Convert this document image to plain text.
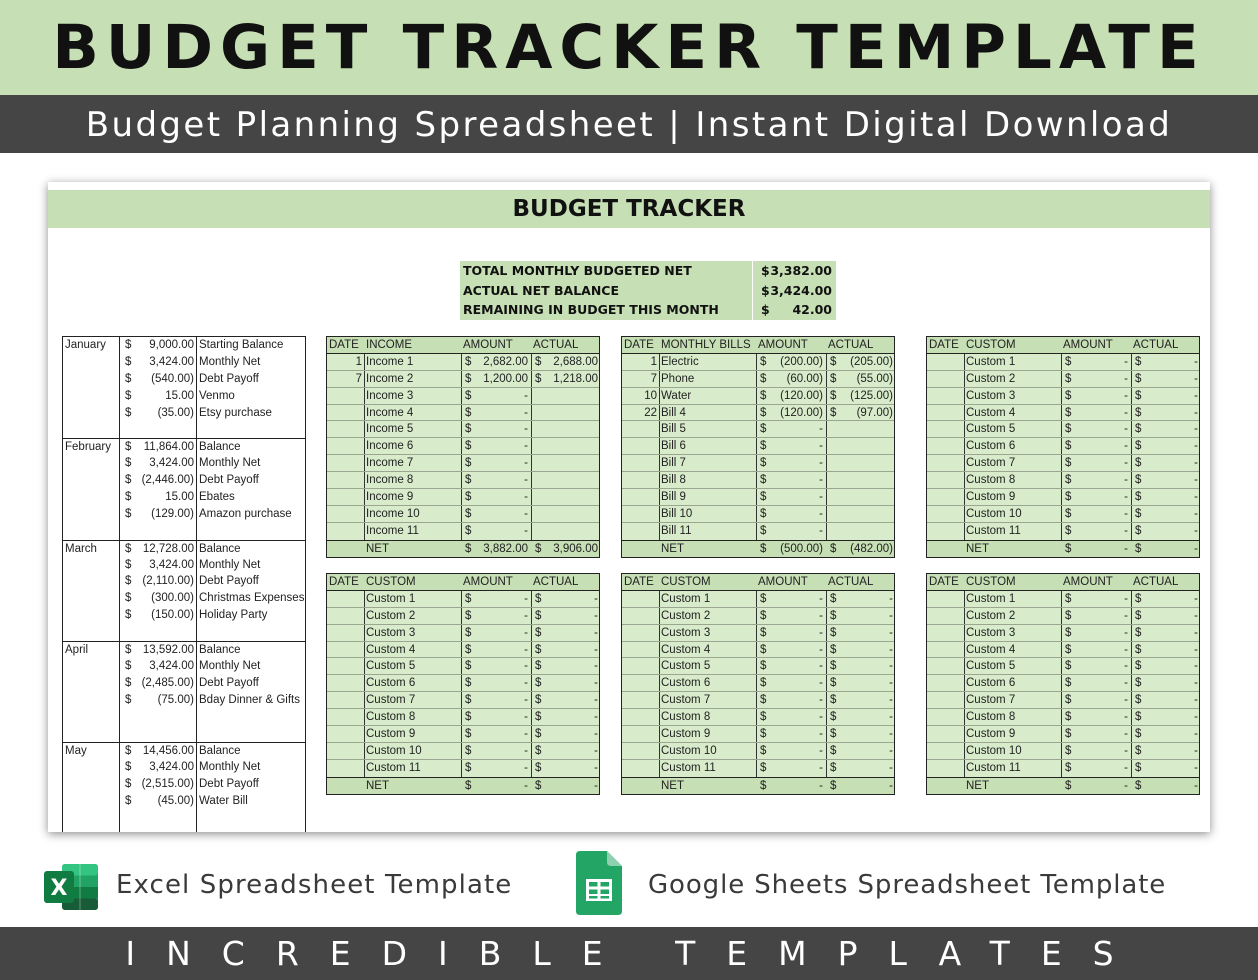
BUDGET TRACKER TEMPLATE
Budget Planning Spreadsheet | Instant Digital Download
BUDGET TRACKER
TOTAL MONTHLY BUDGETED NET	$ 3,382.00
ACTUAL NET BALANCE	$ 3,424.00
REMAINING IN BUDGET THIS MONTH	$ 42.00
January $	9,000.00 Starting Balance
$	3,424.00 Monthly Net
$	(540.00) Debt Payoff
$	15.00 Venmo
$	(35.00) Etsy purchase
February $	11,864.00 Balance
$	3,424.00 Monthly Net
$ (2,446.00) Debt Payoff
$	15.00 Ebates
$	(129.00) Amazon purchase
March $ 12,728.00 Balance
$	3,424.00 Monthly Net
$ (2,110.00) Debt Payoff
$	(300.00) Christmas Expenses
$	(150.00) Holiday Party
April	$ 13,592.00 Balance
$	3,424.00 Monthly Net
$ (2,485.00) Debt Payoff
$	(75.00) Bday Dinner & Gifts
May	$ 14,456.00 Balance
$	3,424.00 Monthly Net
$ (2,515.00) Debt Payoff
$	(45.00) Water Bill
DATE INCOME	AMOUNT ACTUAL
1 Income 1	$ 2,682.00 $ 2,688.00
7 Income 2	$ 1,200.00 $ 1,218.00
Income 3	$	-
Income 4	$	-
Income 5	$	-
Income 6	$	-
Income 7	$	-
Income 8	$	-
Income 9	$	-
Income 10	$	-
Income 11	$	-
NET	$ 3,882.00 $ 3,906.00
DATE MONTHLY BILLS AMOUNT ACTUAL
1 Electric	$ (200.00) $ (205.00)
7 Phone	$ (60.00) $ (55.00)
10 Water	$ (120.00) $ (125.00)
22 Bill 4	$ (120.00) $ (97.00)
Bill 5	$	-
Bill 6	$	-
Bill 7	$	-
Bill 8	$	-
Bill 9	$	-
Bill 10	$	-
Bill 11	$	-
NET	$ (500.00) $ (482.00)
DATE CUSTOM	AMOUNT ACTUAL
Custom 1	$	- $	-
Custom 2	$	- $	-
Custom 3	$	- $	-
Custom 4	$	- $	-
Custom 5	$	- $	-
Custom 6	$	- $	-
Custom 7	$	- $	-
Custom 8	$	- $	-
Custom 9	$	- $	-
Custom 10	$	- $	-
Custom 11	$	- $	-
NET	$	- $	-
DATE CUSTOM	AMOUNT ACTUAL
Custom 1	$	- $	-
Custom 2	$	- $	-
Custom 3	$	- $	-
Custom 4	$	- $	-
Custom 5	$	- $	-
Custom 6	$	- $	-
Custom 7	$	- $	-
Custom 8	$	- $	-
Custom 9	$	- $	-
Custom 10	$	- $	-
Custom 11	$	- $	-
NET	$	- $	-
DATE CUSTOM	AMOUNT ACTUAL
Custom 1	$	- $	-
Custom 2	$	- $	-
Custom 3	$	- $	-
Custom 4	$	- $	-
Custom 5	$	- $	-
Custom 6	$	- $	-
Custom 7	$	- $	-
Custom 8	$	- $	-
Custom 9	$	- $	-
Custom 10	$	- $	-
Custom 11	$	- $	-
NET	$	- $	-
DATE CUSTOM	AMOUNT ACTUAL
Custom 1	$	- $	-
Custom 2	$	- $	-
Custom 3	$	- $	-
Custom 4	$	- $	-
Custom 5	$	- $	-
Custom 6	$	- $	-
Custom 7	$	- $	-
Custom 8	$	- $	-
Custom 9	$	- $	-
Custom 10	$	- $	-
Custom 11	$	- $	-
NET	$	- $	-
X Excel Spreadsheet Template	Google Sheets Spreadsheet Template
INCREDIBLE TEMPLATES
